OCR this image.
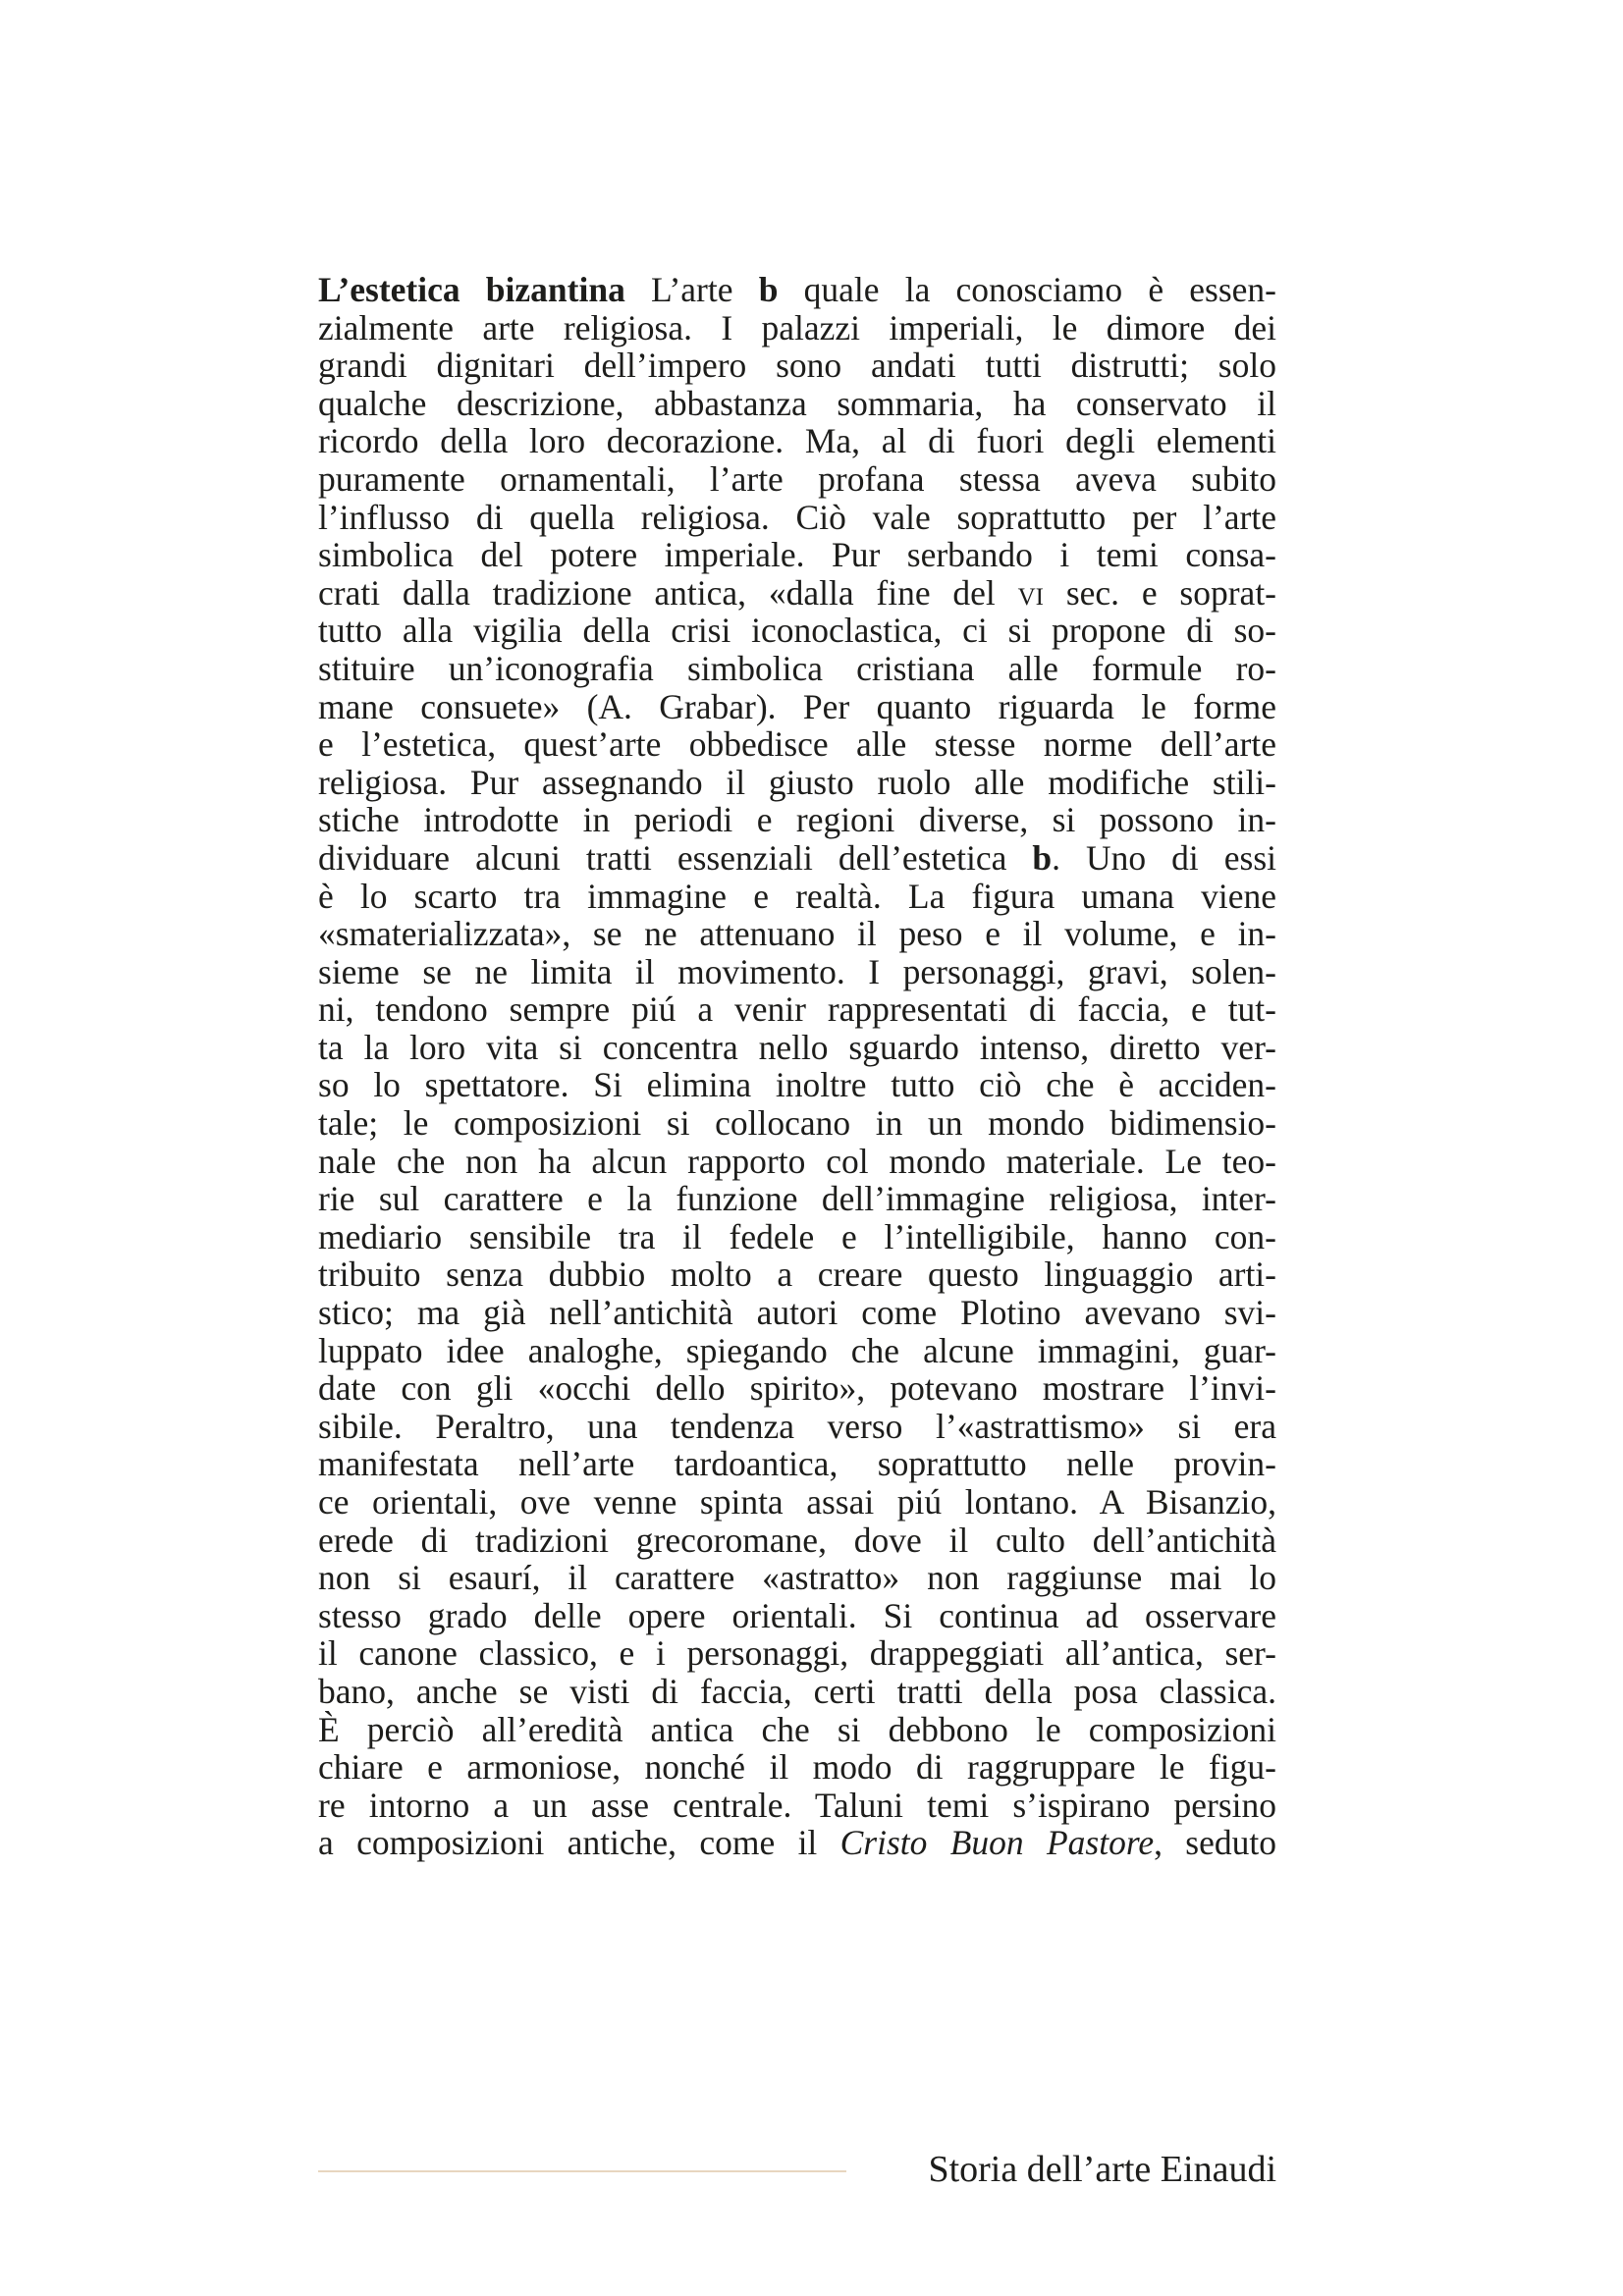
L’estetica bizantina L’arte b quale la conosciamo è essen-
zialmente arte religiosa. I palazzi imperiali, le dimore dei
grandi dignitari dell’impero sono andati tutti distrutti; solo
qualche descrizione, abbastanza sommaria, ha conservato il
ricordo della loro decorazione. Ma, al di fuori degli elementi
puramente ornamentali, l’arte profana stessa aveva subito
l’influsso di quella religiosa. Ciò vale soprattutto per l’arte
simbolica del potere imperiale. Pur serbando i temi consa-
crati dalla tradizione antica, «dalla fine del vi sec. e soprat-
tutto alla vigilia della crisi iconoclastica, ci si propone di so-
stituire un’iconografia simbolica cristiana alle formule ro-
mane consuete» (A. Grabar). Per quanto riguarda le forme
e l’estetica, quest’arte obbedisce alle stesse norme dell’arte
religiosa. Pur assegnando il giusto ruolo alle modifiche stili-
stiche introdotte in periodi e regioni diverse, si possono in-
dividuare alcuni tratti essenziali dell’estetica b. Uno di essi
è lo scarto tra immagine e realtà. La figura umana viene
«smaterializzata», se ne attenuano il peso e il volume, e in-
sieme se ne limita il movimento. I personaggi, gravi, solen-
ni, tendono sempre piú a venir rappresentati di faccia, e tut-
ta la loro vita si concentra nello sguardo intenso, diretto ver-
so lo spettatore. Si elimina inoltre tutto ciò che è acciden-
tale; le composizioni si collocano in un mondo bidimensio-
nale che non ha alcun rapporto col mondo materiale. Le teo-
rie sul carattere e la funzione dell’immagine religiosa, inter-
mediario sensibile tra il fedele e l’intelligibile, hanno con-
tribuito senza dubbio molto a creare questo linguaggio arti-
stico; ma già nell’antichità autori come Plotino avevano svi-
luppato idee analoghe, spiegando che alcune immagini, guar-
date con gli «occhi dello spirito», potevano mostrare l’invi-
sibile. Peraltro, una tendenza verso l’«astrattismo» si era
manifestata nell’arte tardoantica, soprattutto nelle provin-
ce orientali, ove venne spinta assai piú lontano. A Bisanzio,
erede di tradizioni grecoromane, dove il culto dell’antichità
non si esaurí, il carattere «astratto» non raggiunse mai lo
stesso grado delle opere orientali. Si continua ad osservare
il canone classico, e i personaggi, drappeggiati all’antica, ser-
bano, anche se visti di faccia, certi tratti della posa classica.
È perciò all’eredità antica che si debbono le composizioni
chiare e armoniose, nonché il modo di raggruppare le figu-
re intorno a un asse centrale. Taluni temi s’ispirano persino
a composizioni antiche, come il Cristo Buon Pastore, seduto
Storia dell’arte Einaudi
